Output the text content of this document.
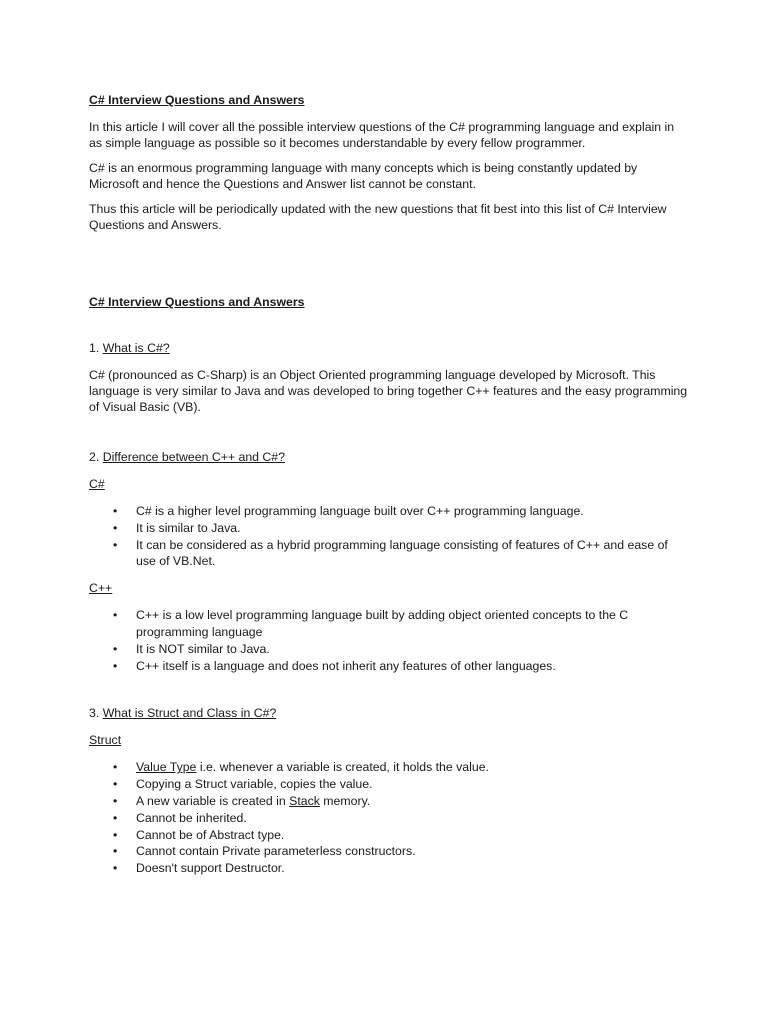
C# Interview Questions and Answers

In this article I will cover all the possible interview questions of the C# programming language and explain in as simple language as possible so it becomes understandable by every fellow programmer.

C# is an enormous programming language with many concepts which is being constantly updated by Microsoft and hence the Questions and Answer list cannot be constant.

Thus this article will be periodically updated with the new questions that fit best into this list of C# Interview Questions and Answers.

C# Interview Questions and Answers

1. What is C#?

C# (pronounced as C-Sharp) is an Object Oriented programming language developed by Microsoft. This language is very similar to Java and was developed to bring together C++ features and the easy programming of Visual Basic (VB).

2. Difference between C++ and C#?

C#

• C# is a higher level programming language built over C++ programming language.
• It is similar to Java.
• It can be considered as a hybrid programming language consisting of features of C++ and ease of use of VB.Net.

C++

• C++ is a low level programming language built by adding object oriented concepts to the C programming language
• It is NOT similar to Java.
• C++ itself is a language and does not inherit any features of other languages.

3. What is Struct and Class in C#?

Struct

• Value Type i.e. whenever a variable is created, it holds the value.
• Copying a Struct variable, copies the value.
• A new variable is created in Stack memory.
• Cannot be inherited.
• Cannot be of Abstract type.
• Cannot contain Private parameterless constructors.
• Doesn't support Destructor.
